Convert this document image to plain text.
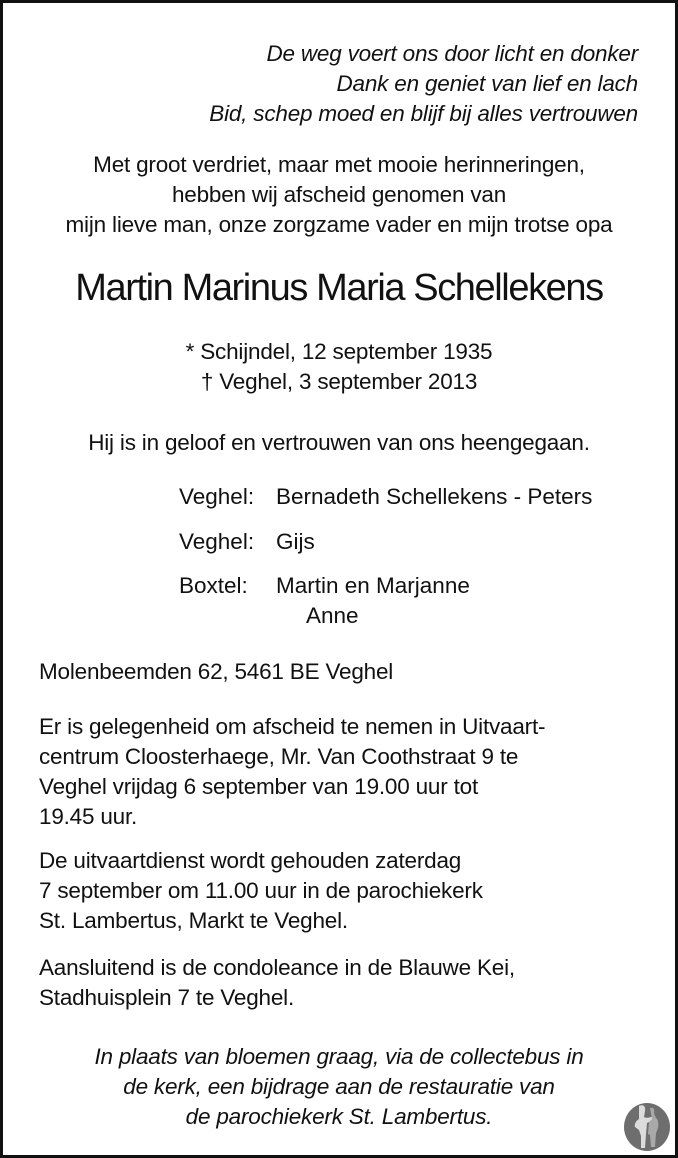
De weg voert ons door licht en donker
Dank en geniet van lief en lach
Bid, schep moed en blijf bij alles vertrouwen
Met groot verdriet, maar met mooie herinneringen,
hebben wij afscheid genomen van
mijn lieve man, onze zorgzame vader en mijn trotse opa
Martin Marinus Maria Schellekens
* Schijndel, 12 september 1935
† Veghel, 3 september 2013
Hij is in geloof en vertrouwen van ons heengegaan.
Veghel: Bernadeth Schellekens - Peters
Veghel: Gijs
Boxtel: Martin en Marjanne
Anne
Molenbeemden 62, 5461 BE Veghel
Er is gelegenheid om afscheid te nemen in Uitvaart-
centrum Cloosterhaege, Mr. Van Coothstraat 9 te
Veghel vrijdag 6 september van 19.00 uur tot
19.45 uur.
De uitvaartdienst wordt gehouden zaterdag
7 september om 11.00 uur in de parochiekerk
St. Lambertus, Markt te Veghel.
Aansluitend is de condoleance in de Blauwe Kei,
Stadhuisplein 7 te Veghel.
In plaats van bloemen graag, via de collectebus in
de kerk, een bijdrage aan de restauratie van
de parochiekerk St. Lambertus.
